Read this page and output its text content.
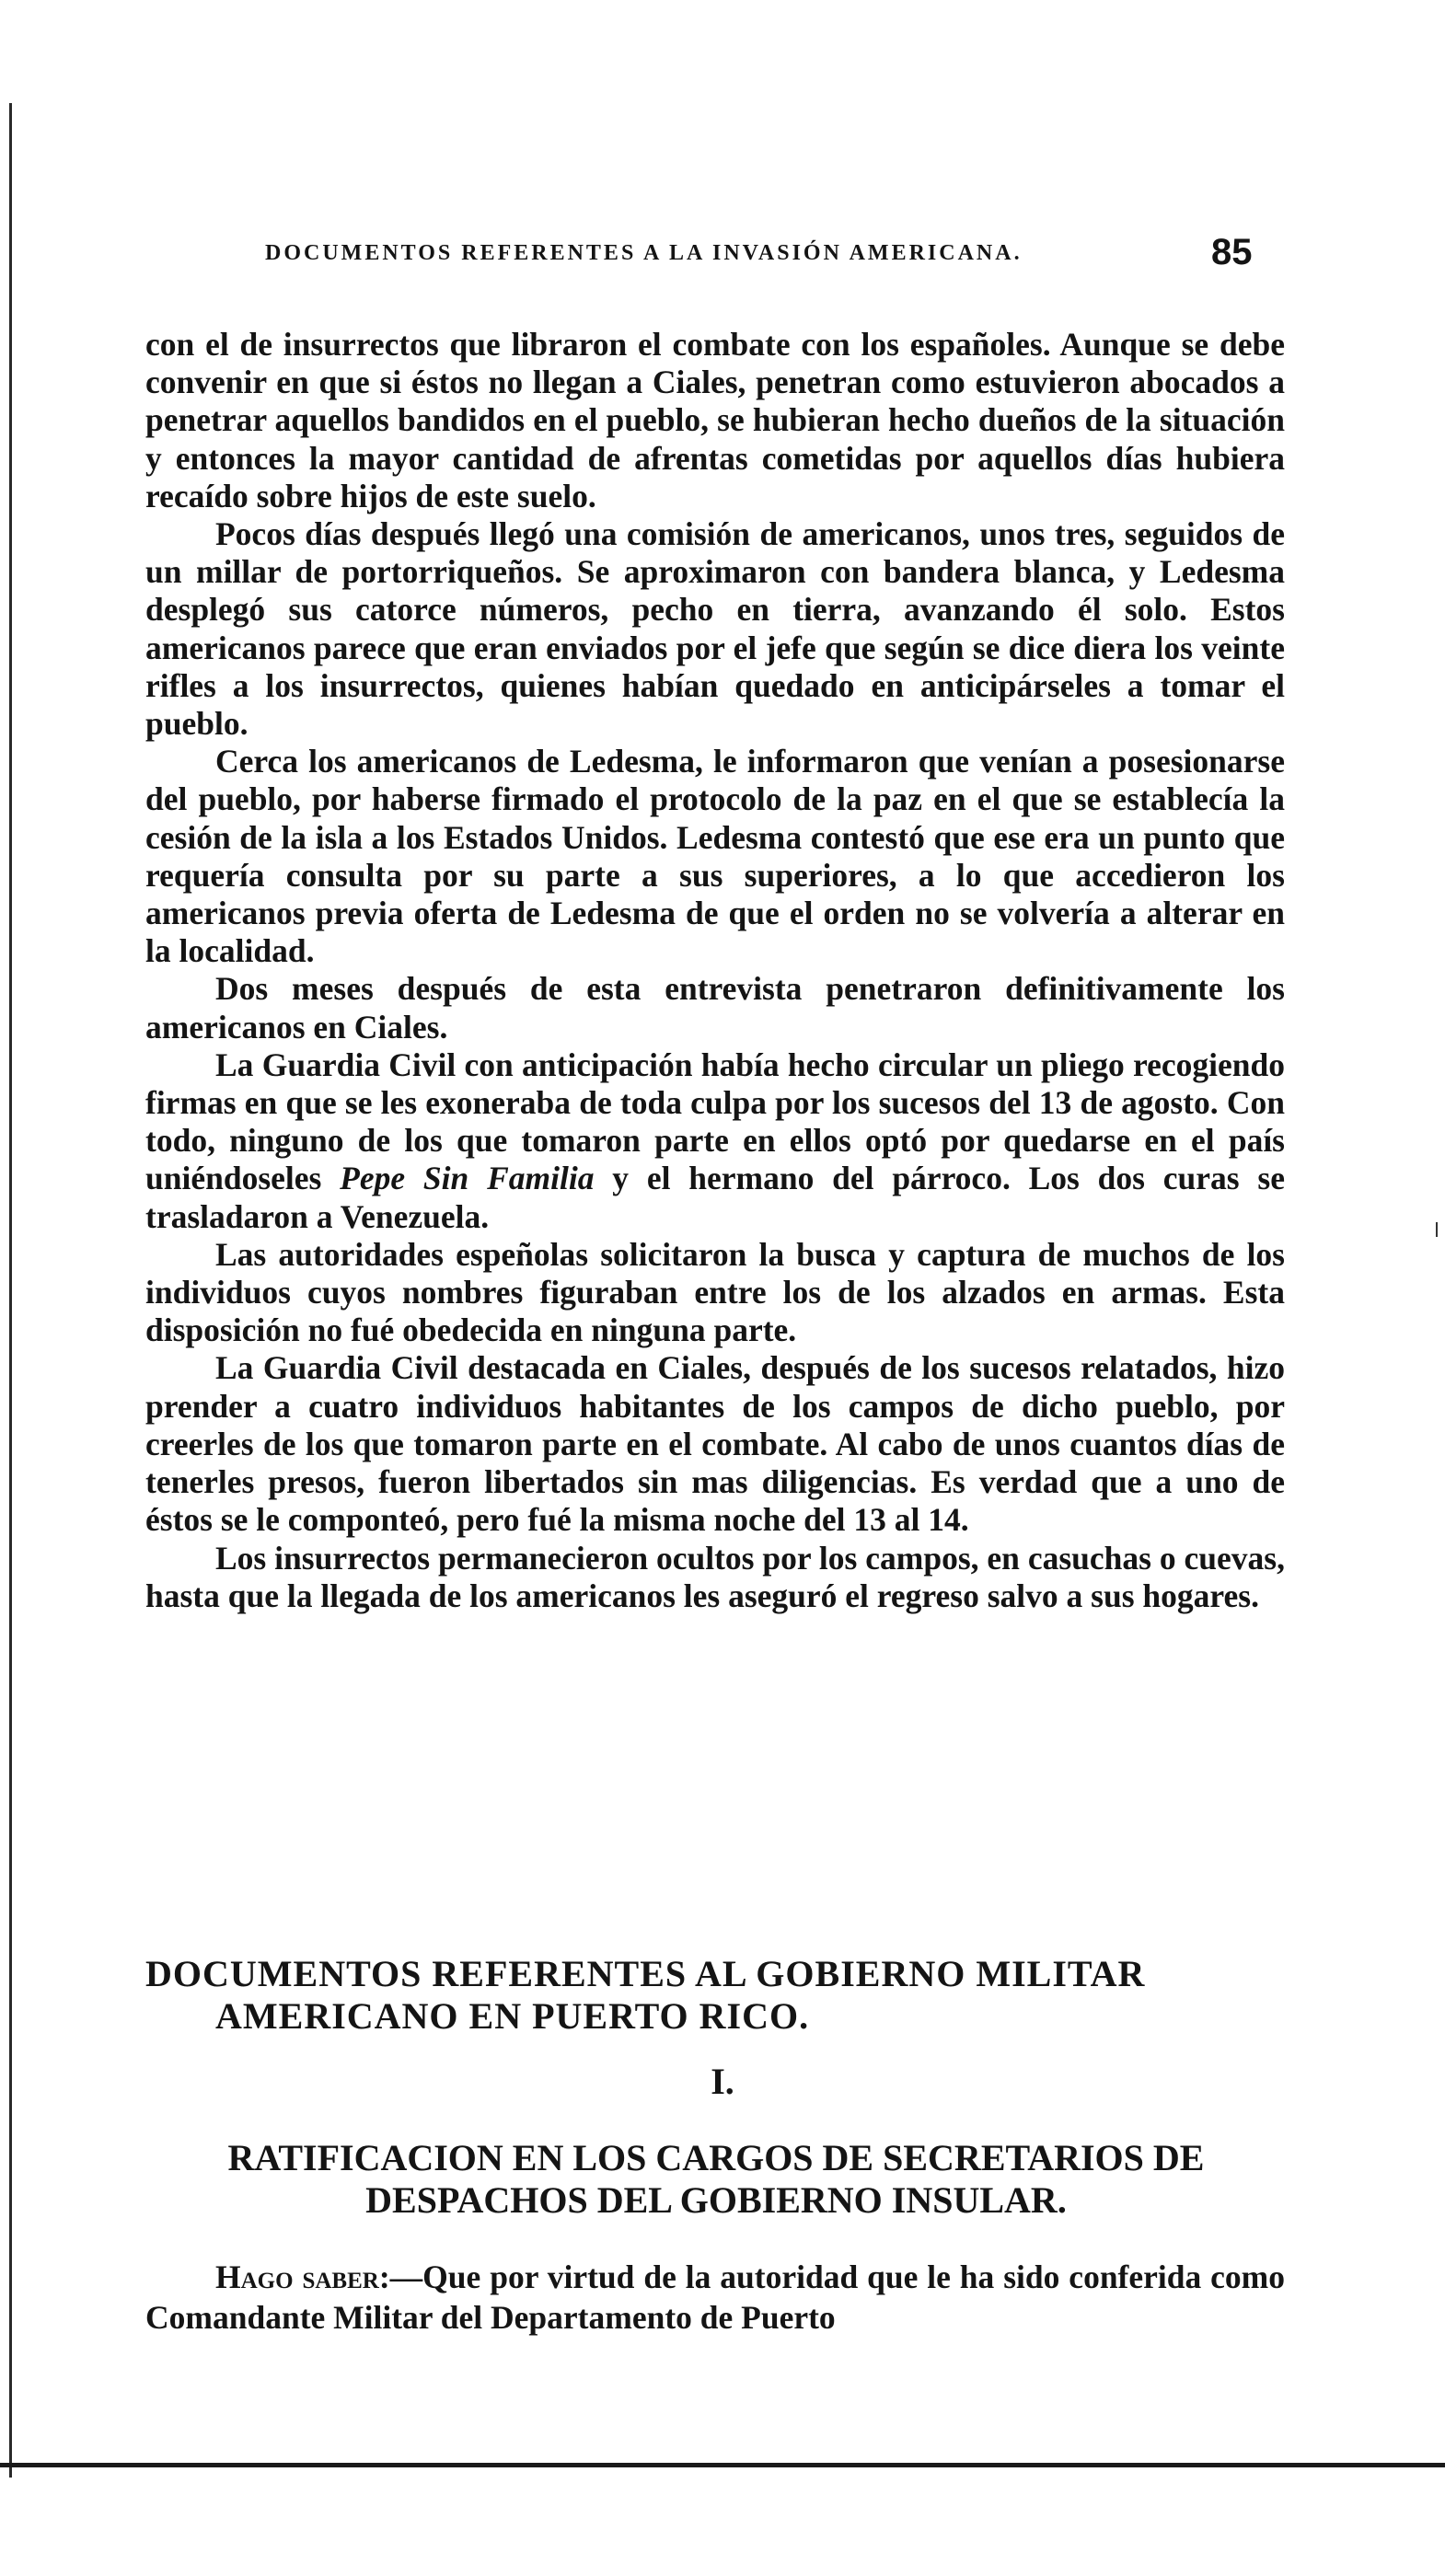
DOCUMENTOS REFERENTES A LA INVASIÓN AMERICANA.	85

con el de insurrectos que libraron el combate con los españoles. Aunque se debe convenir en que si éstos no llegan a Ciales, penetran como estuvieron abocados a penetrar aquellos bandidos en el pueblo, se hubieran hecho dueños de la situación y entonces la mayor cantidad de afrentas cometidas por aquellos días hubiera recaído sobre hijos de este suelo.

Pocos días después llegó una comisión de americanos, unos tres, seguidos de un millar de portorriqueños. Se aproximaron con bandera blanca, y Ledesma desplegó sus catorce números, pecho en tierra, avanzando él solo. Estos americanos parece que eran enviados por el jefe que según se dice diera los veinte rifles a los insurrectos, quienes habían quedado en anticipárseles a tomar el pueblo.

Cerca los americanos de Ledesma, le informaron que venían a posesionarse del pueblo, por haberse firmado el protocolo de la paz en el que se establecía la cesión de la isla a los Estados Unidos. Ledesma contestó que ese era un punto que requería consulta por su parte a sus superiores, a lo que accedieron los americanos previa oferta de Ledesma de que el orden no se volvería a alterar en la localidad.

Dos meses después de esta entrevista penetraron definitivamente los americanos en Ciales.

La Guardia Civil con anticipación había hecho circular un pliego recogiendo firmas en que se les exoneraba de toda culpa por los sucesos del 13 de agosto. Con todo, ninguno de los que tomaron parte en ellos optó por quedarse en el país uniéndoseles Pepe Sin Familia y el hermano del párroco. Los dos curas se trasladaron a Venezuela.

Las autoridades espeñolas solicitaron la busca y captura de muchos de los individuos cuyos nombres figuraban entre los de los alzados en armas. Esta disposición no fué obedecida en ninguna parte.

La Guardia Civil destacada en Ciales, después de los sucesos relatados, hizo prender a cuatro individuos habitantes de los campos de dicho pueblo, por creerles de los que tomaron parte en el combate. Al cabo de unos cuantos días de tenerles presos, fueron libertados sin mas diligencias. Es verdad que a uno de éstos se le componteó, pero fué la misma noche del 13 al 14.

Los insurrectos permanecieron ocultos por los campos, en casuchas o cuevas, hasta que la llegada de los americanos les aseguró el regreso salvo a sus hogares.

DOCUMENTOS REFERENTES AL GOBIERNO MILITAR
AMERICANO EN PUERTO RICO.
I.
RATIFICACION EN LOS CARGOS DE SECRETARIOS DE
DESPACHOS DEL GOBIERNO INSULAR.
Hago saber:—Que por virtud de la autoridad que le ha sido conferida como Comandante Militar del Departamento de Puerto
